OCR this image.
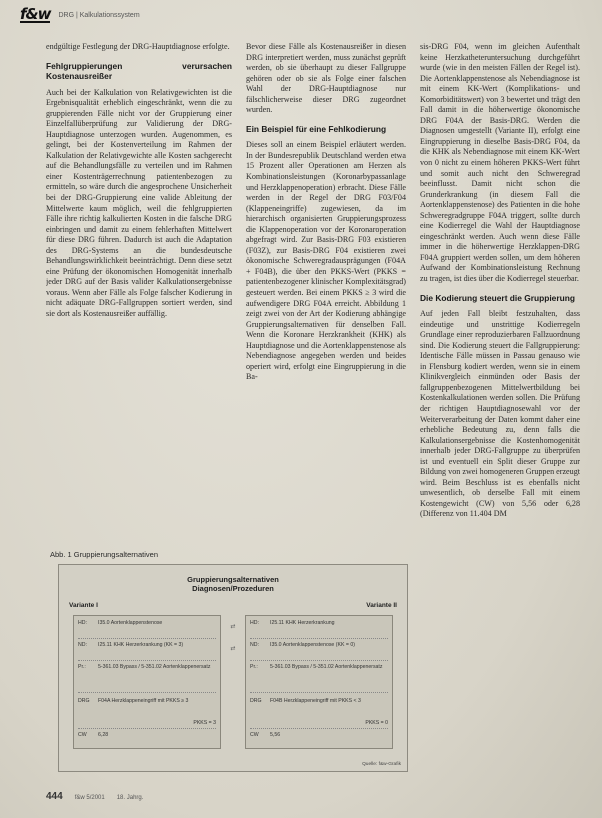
f&w DRG | Kalkulationssystem

endgültige Festlegung der DRG-Hauptdiagnose erfolgte.

Fehlgruppierungen verursachen Kostenausreißer

Auch bei der Kalkulation von Relativgewichten ist die Ergebnisqualität erheblich eingeschränkt, wenn die zu gruppierenden Fälle nicht vor der Gruppierung einer Einzelfallüberprüfung zur Validierung der DRG-Hauptdiagnose unterzogen wurden. Augenommen, es gelingt, bei der Kostenverteilung im Rahmen der Kalkulation der Relativgewichte alle Kosten sachgerecht auf die Behandlungsfälle zu verteilen und im Rahmen einer Kostenträgerrechnung patientenbezogen zu ermitteln, so wäre durch die angesprochene Unsicherheit bei der DRG-Gruppierung eine valide Ableitung der Mittelwerte kaum möglich, weil die fehlgruppierten Fälle ihre richtig kalkulierten Kosten in die falsche DRG einbringen und damit zu einem fehlerhaften Mittelwert für diese DRG führen. Dadurch ist auch die Adaptation des DRG-Systems an die bundesdeutsche Behandlungswirklichkeit beeinträchtigt. Denn diese setzt eine Prüfung der ökonomischen Homogenität innerhalb jeder DRG auf der Basis valider Kalkulationsergebnisse voraus. Wenn aber Fälle als Folge falscher Kodierung in nicht adäquate DRG-Fallgruppen sortiert werden, sind sie dort als Kostenausreißer auffällig.

Bevor diese Fälle als Kostenausreißer in diesen DRG interpretiert werden, muss zunächst geprüft werden, ob sie überhaupt zu dieser Fallgruppe gehören oder ob sie als Folge einer falschen Wahl der DRG-Hauptdiagnose nur fälschlicherweise dieser DRG zugeordnet wurden.

Ein Beispiel für eine Fehlkodierung

Dieses soll an einem Beispiel erläutert werden. In der Bundesrepublik Deutschland werden etwa 15 Prozent aller Operationen am Herzen als Kombinationsleistungen (Koronarbypassanlage und Herzklappenoperation) erbracht. Diese Fälle werden in der Regel der DRG F03/F04 (Klappeneingriffe) zugewiesen, da im hierarchisch organisierten Gruppierungsprozess die Klappenoperation vor der Koronaroperation abgefragt wird. Zur Basis-DRG F03 existieren (F03Z), zur Basis-DRG F04 existieren zwei ökonomische Schweregradausprägungen (F04A + F04B), die über den PKKS-Wert (PKKS = patientenbezogener klinischer Komplexitätsgrad) gesteuert werden. Bei einem PKKS ≥ 3 wird die aufwendigere DRG F04A erreicht. Abbildung 1 zeigt zwei von der Art der Kodierung abhängige Gruppierungsalternativen für denselben Fall. Wenn die Koronare Herzkrankheit (KHK) als Hauptdiagnose und die Aortenklappenstenose als Nebendiagnose angegeben werden und beides operiert wird, erfolgt eine Eingruppierung in die Ba-

sis-DRG F04, wenn im gleichen Aufenthalt keine Herzkatheteruntersuchung durchgeführt wurde (wie in den meisten Fällen der Regel ist). Die Aortenklappenstenose als Nebendiagnose ist mit einem KK-Wert (Komplikations- und Komorbiditätswert) von 3 bewertet und trägt den Fall damit in die höherwertige ökonomische DRG F04A der Basis-DRG. Werden die Diagnosen umgestellt (Variante II), erfolgt eine Eingruppierung in dieselbe Basis-DRG F04, da die KHK als Nebendiagnose mit einem KK-Wert von 0 nicht zu einem höheren PKKS-Wert führt und somit auch nicht den Schweregrad beeinflusst. Damit nicht schon die Grunderkrankung (in diesem Fall die Aortenklappenstenose) des Patienten in die hohe Schweregradgruppe F04A triggert, sollte durch eine Kodierregel die Wahl der Hauptdiagnose eingeschränkt werden. Auch wenn diese Fälle immer in die höherwertige Herzklappen-DRG F04A gruppiert werden sollen, um dem höheren Aufwand der Kombinationsleistung Rechnung zu tragen, ist dies über die Kodierregel steuerbar.

Die Kodierung steuert die Gruppierung

Auf jeden Fall bleibt festzuhalten, dass eindeutige und unstrittige Kodierregeln Grundlage einer reproduzierbaren Fallzuordnung sind. Die Kodierung steuert die Fallgruppierung: Identische Fälle müssen in Passau genauso wie in Flensburg kodiert werden, wenn sie in einem Klinikvergleich einmünden oder Basis der fallgruppenbezogenen Mittelwertbildung bei Kostenkalkulationen werden sollen. Die Prüfung der richtigen Hauptdiagnosewahl vor der Weiterverarbeitung der Daten kommt daher eine erhebliche Bedeutung zu, denn falls die Kalkulationsergebnisse die Kostenhomogenität innerhalb jeder DRG-Fallgruppe zu überprüfen ist und eventuell ein Split dieser Gruppe zur Bildung von zwei homogeneren Gruppen erzeugt wird. Beim Beschluss ist es ebenfalls nicht unwesentlich, ob derselbe Fall mit einem Kostengewicht (CW) von 5,56 oder 6,28 (Differenz von 11.404 DM

Abb. 1 Gruppierungsalternativen
Gruppierungsalternativen
Diagnosen/Prozeduren
Variante I	Variante II
HD:	I35.0 Aortenklappenstenose
ND:	I25.11 KHK Herzerkrankung (KK = 3)
Pr.:	5-361.03 Bypass / 5-351.02 Aortenklappenersatz
DRG	F04A Herzklappeneingriff mit PKKS ≥ 3
PKKS = 3
CW	6,28
HD:	I25.11 KHK Herzerkrankung
ND:	I35.0 Aortenklappenstenose (KK = 0)
Pr.:	5-361.03 Bypass / 5-351.02 Aortenklappenersatz
DRG	F04B Herzklappeneingriff mit PKKS < 3
PKKS = 0
CW	5,56
⇄
⇄
Quelle: f&w-Grafik
444 f&w 5/2001 18. Jahrg.
